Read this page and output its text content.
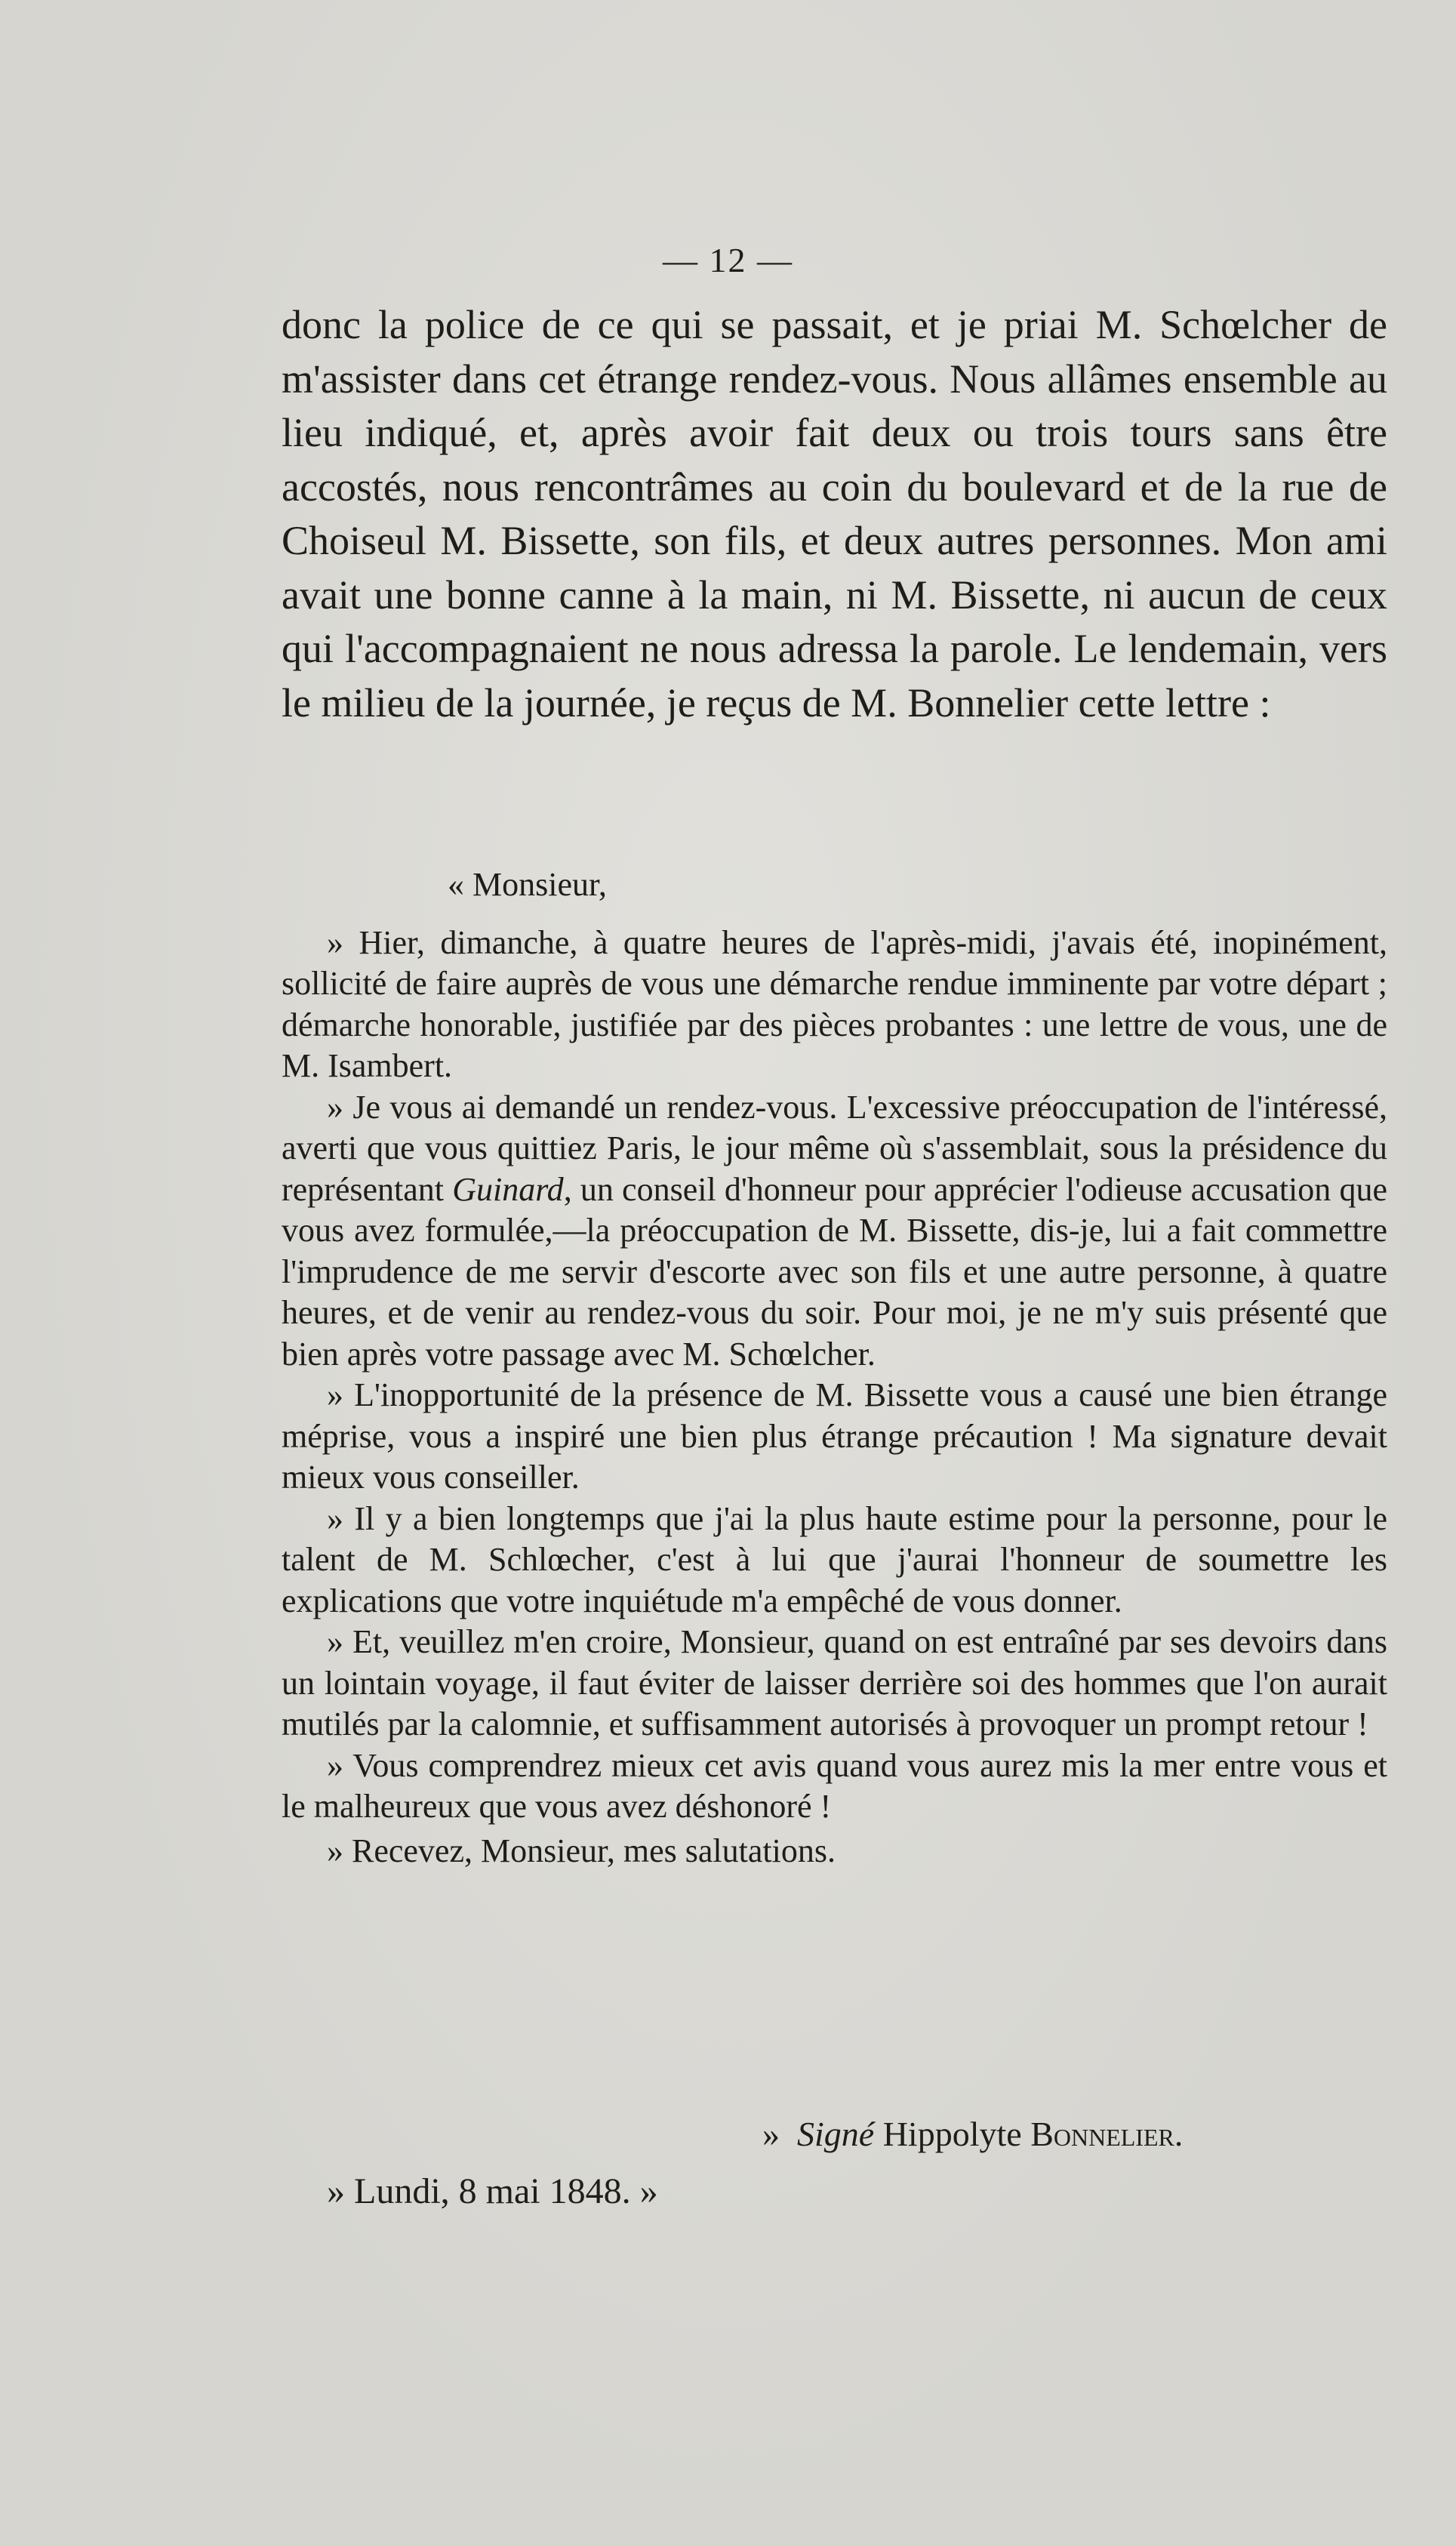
— 12 —

donc la police de ce qui se passait, et je priai M. Schœlcher de m'assister dans cet étrange rendez-vous. Nous allâmes ensemble au lieu indiqué, et, après avoir fait deux ou trois tours sans être accostés, nous rencontrâmes au coin du boulevard et de la rue de Choiseul M. Bissette, son fils, et deux autres personnes. Mon ami avait une bonne canne à la main, ni M. Bissette, ni aucun de ceux qui l'accompagnaient ne nous adressa la parole. Le lendemain, vers le milieu de la journée, je reçus de M. Bonnelier cette lettre :

« Monsieur,

» Hier, dimanche, à quatre heures de l'après-midi, j'avais été, inopinément, sollicité de faire auprès de vous une démarche rendue imminente par votre départ ; démarche honorable, justifiée par des pièces probantes : une lettre de vous, une de M. Isambert.

» Je vous ai demandé un rendez-vous. L'excessive préoccupation de l'intéressé, averti que vous quittiez Paris, le jour même où s'assemblait, sous la présidence du représentant Guinard, un conseil d'honneur pour apprécier l'odieuse accusation que vous avez formulée,—la préoccupation de M. Bissette, dis-je, lui a fait commettre l'imprudence de me servir d'escorte avec son fils et une autre personne, à quatre heures, et de venir au rendez-vous du soir. Pour moi, je ne m'y suis présenté que bien après votre passage avec M. Schœlcher.

» L'inopportunité de la présence de M. Bissette vous a causé une bien étrange méprise, vous a inspiré une bien plus étrange précaution ! Ma signature devait mieux vous conseiller.

» Il y a bien longtemps que j'ai la plus haute estime pour la personne, pour le talent de M. Schlœcher, c'est à lui que j'aurai l'honneur de soumettre les explications que votre inquiétude m'a empêché de vous donner.

» Et, veuillez m'en croire, Monsieur, quand on est entraîné par ses devoirs dans un lointain voyage, il faut éviter de laisser derrière soi des hommes que l'on aurait mutilés par la calomnie, et suffisamment autorisés à provoquer un prompt retour !

» Vous comprendrez mieux cet avis quand vous aurez mis la mer entre vous et le malheureux que vous avez déshonoré !

» Recevez, Monsieur, mes salutations.

» Signé Hippolyte Bonnelier.
» Lundi, 8 mai 1848. »
